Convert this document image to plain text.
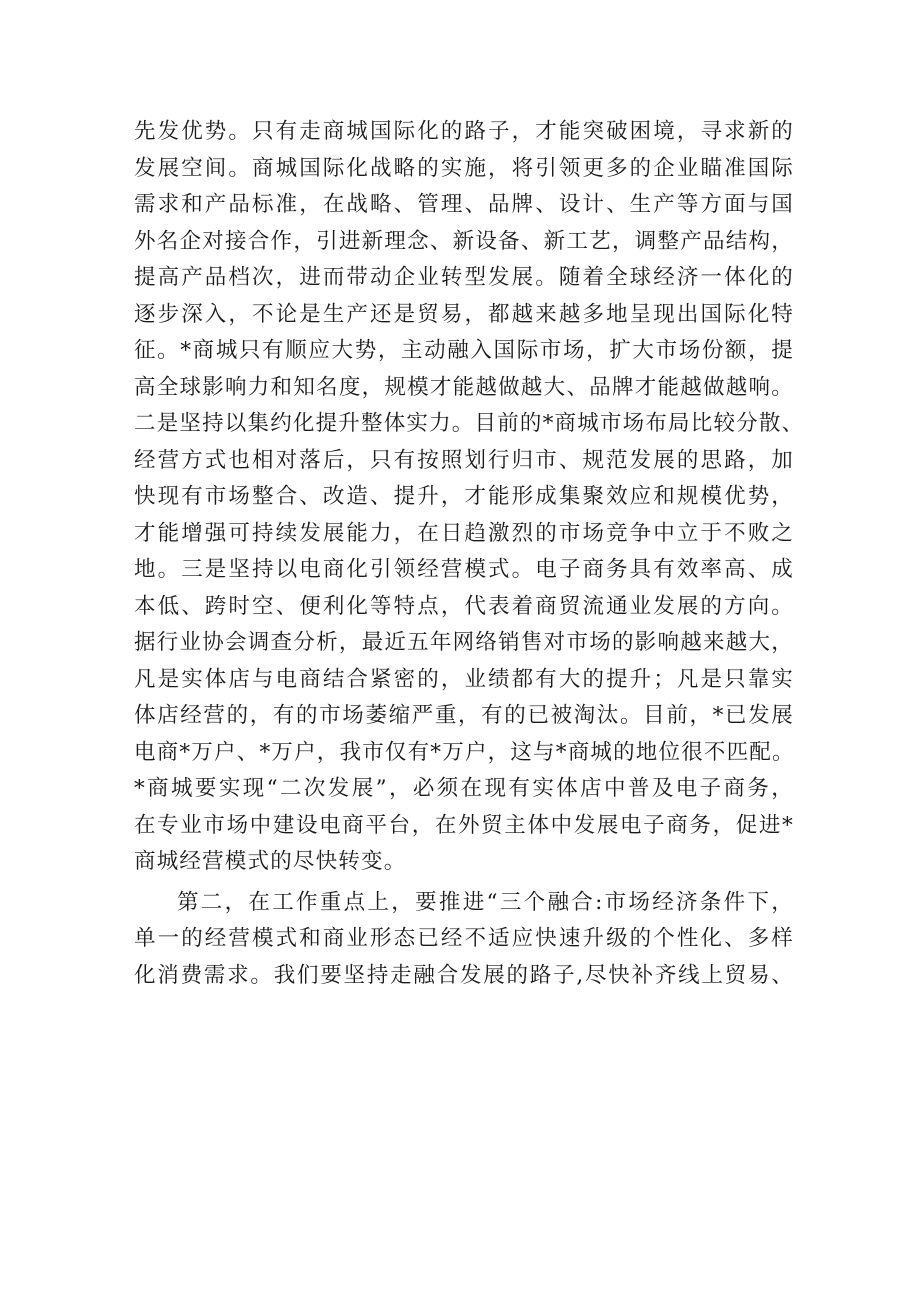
先发优势。只有走商城国际化的路子，才能突破困境，寻求新的
发展空间。商城国际化战略的实施，将引领更多的企业瞄准国际
需求和产品标准，在战略、管理、品牌、设计、生产等方面与国
外名企对接合作，引进新理念、新设备、新工艺，调整产品结构，
提高产品档次，进而带动企业转型发展。随着全球经济一体化的
逐步深入，不论是生产还是贸易，都越来越多地呈现出国际化特
征。*商城只有顺应大势，主动融入国际市场，扩大市场份额，提
高全球影响力和知名度，规模才能越做越大、品牌才能越做越响。
二是坚持以集约化提升整体实力。目前的*商城市场布局比较分散、
经营方式也相对落后，只有按照划行归市、规范发展的思路，加
快现有市场整合、改造、提升，才能形成集聚效应和规模优势，
才能增强可持续发展能力，在日趋激烈的市场竞争中立于不败之
地。三是坚持以电商化引领经营模式。电子商务具有效率高、成
本低、跨时空、便利化等特点，代表着商贸流通业发展的方向。
据行业协会调查分析，最近五年网络销售对市场的影响越来越大，
凡是实体店与电商结合紧密的，业绩都有大的提升；凡是只靠实
体店经营的，有的市场萎缩严重，有的已被淘汰。目前，*已发展
电商*万户、*万户，我市仅有*万户，这与*商城的地位很不匹配。
*商城要实现“二次发展”，必须在现有实体店中普及电子商务，
在专业市场中建设电商平台，在外贸主体中发展电子商务，促进*
商城经营模式的尽快转变。
第二，在工作重点上，要推进“三个融合:市场经济条件下，
单一的经营模式和商业形态已经不适应快速升级的个性化、多样
化消费需求。我们要坚持走融合发展的路子,尽快补齐线上贸易、
